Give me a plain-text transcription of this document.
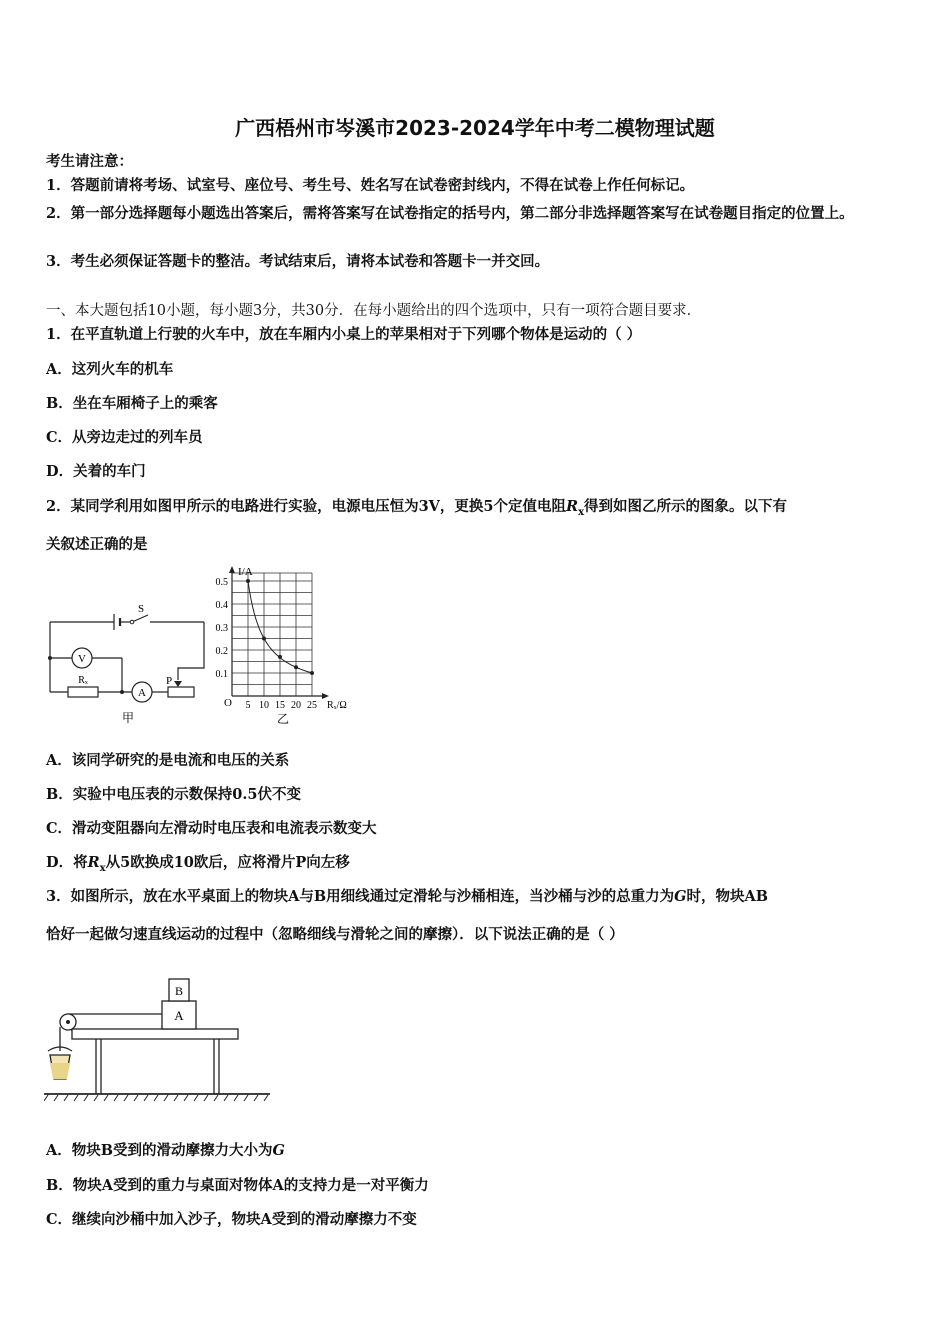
广西梧州市岑溪市2023-2024学年中考二模物理试题
考生请注意：
1．答题前请将考场、试室号、座位号、考生号、姓名写在试卷密封线内，不得在试卷上作任何标记。
2．第一部分选择题每小题选出答案后，需将答案写在试卷指定的括号内，第二部分非选择题答案写在试卷题目指定的位置上。
3．考生必须保证答题卡的整洁。考试结束后，请将本试卷和答题卡一并交回。
一、本大题包括10小题，每小题3分，共30分．在每小题给出的四个选项中，只有一项符合题目要求．
1．在平直轨道上行驶的火车中，放在车厢内小桌上的苹果相对于下列哪个物体是运动的（ ）
A．这列火车的机车
B．坐在车厢椅子上的乘客
C．从旁边走过的列车员
D．关着的车门
2．某同学利用如图甲所示的电路进行实验，电源电压恒为3V，更换5个定值电阻$R_x$得到如图乙所示的图象。以下有
关叙述正确的是
S
V
A
Rₓ	P
甲
0.1
0.2
0.3
0.4
0.5
5 10 15 20 25
I/A
Rₓ/Ω
O
乙
A．该同学研究的是电流和电压的关系
B．实验中电压表的示数保持0.5伏不变
C．滑动变阻器向左滑动时电压表和电流表示数变大
D．将$R_x$从5欧换成10欧后，应将滑片P向左移
3．如图所示，放在水平桌面上的物块A与B用细线通过定滑轮与沙桶相连，当沙桶与沙的总重力为G时，物块AB
恰好一起做匀速直线运动的过程中（忽略细线与滑轮之间的摩擦）．以下说法正确的是（ ）
A
B
A．物块B受到的滑动摩擦力大小为G
B．物块A受到的重力与桌面对物体A的支持力是一对平衡力
C．继续向沙桶中加入沙子，物块A受到的滑动摩擦力不变
